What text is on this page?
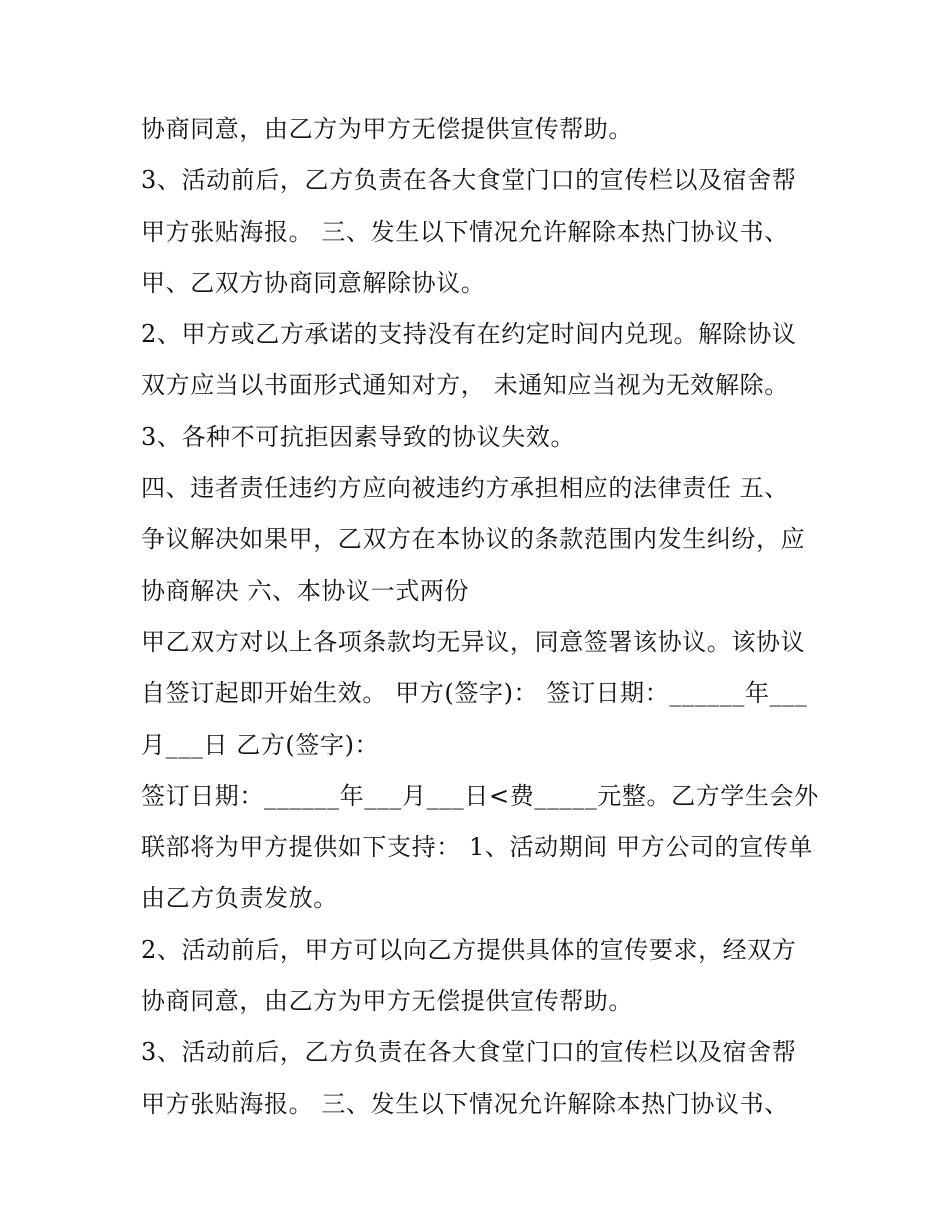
协商同意，由乙方为甲方无偿提供宣传帮助。
3、活动前后，乙方负责在各大食堂门口的宣传栏以及宿舍帮
甲方张贴海报。 三、发生以下情况允许解除本热门协议书、
甲、乙双方协商同意解除协议。
2、甲方或乙方承诺的支持没有在约定时间内兑现。解除协议
双方应当以书面形式通知对方， 未通知应当视为无效解除。
3、各种不可抗拒因素导致的协议失效。
四、违者责任违约方应向被违约方承担相应的法律责任 五、
争议解决如果甲，乙双方在本协议的条款范围内发生纠纷，应
协商解决 六、本协议一式两份
甲乙双方对以上各项条款均无异议，同意签署该协议。该协议
自签订起即开始生效。 甲方(签字)： 签订日期：______年___
月___日 乙方(签字)：
签订日期：______年___月___日<费_____元整。乙方学生会外
联部将为甲方提供如下支持： 1、活动期间 甲方公司的宣传单
由乙方负责发放。
2、活动前后，甲方可以向乙方提供具体的宣传要求，经双方
协商同意，由乙方为甲方无偿提供宣传帮助。
3、活动前后，乙方负责在各大食堂门口的宣传栏以及宿舍帮
甲方张贴海报。 三、发生以下情况允许解除本热门协议书、
